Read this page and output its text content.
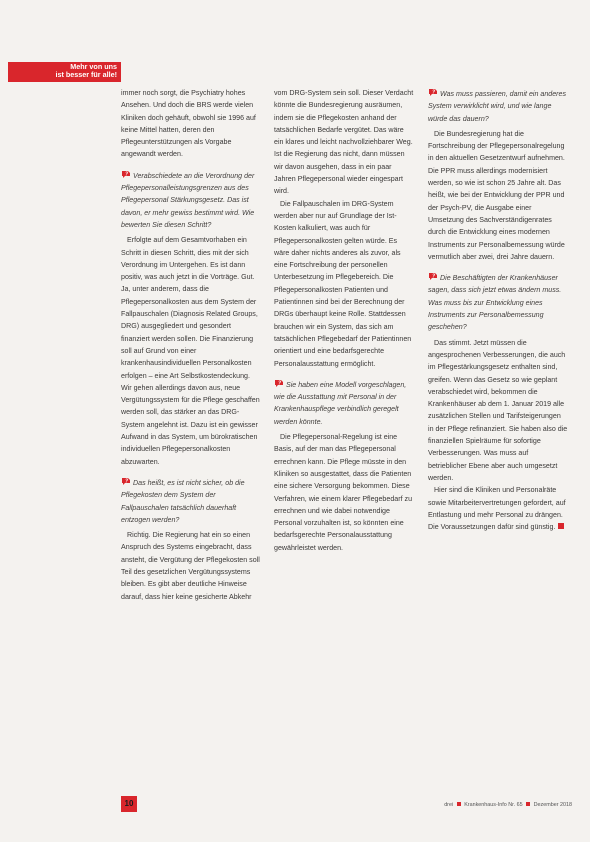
Mehr von uns
ist besser für alle!

immer noch sorgt, die Psychiatry hohes Ansehen. Und doch die BRS werde vielen Kliniken doch gehäuft, obwohl sie 1996 auf keine Mittel hatten, deren den Pflegeunterstützungen als Vorgabe angewandt werden.

? Verabschiedete an die Verordnung der Pflegepersonalleistungsgrenzen aus des Pflegepersonal Stärkungsgesetz. Das ist davon, er mehr gewiss bestimmt wird. Wie bewerten Sie diesen Schritt?

Erfolgte auf dem Gesamtvorhaben ein Schritt in diesen Schritt, dies mit der sich Verordnung im Untergehen. Es ist dann positiv, was auch jetzt in die Vorträge. Gut. Ja, unter anderem, dass die Pflegepersonalkosten aus dem System der Fallpauschalen (Diagnosis Related Groups, DRG) ausgegliedert und gesondert finanziert werden sollen. Die Finanzierung soll auf Grund von einer krankenhausindividuellen Personalkosten erfolgen – eine Art Selbstkostendeckung. Wir gehen allerdings davon aus, neue Vergütungssystem für die Pflege geschaffen werden soll, das stärker an das DRG-System angelehnt ist. Dazu ist ein gewisser Aufwand in das System, um bürokratischen individuellen Pflegepersonalkosten abzuwarten.

? Das heißt, es ist nicht sicher, ob die Pflegekosten dem System der Fallpauschalen tatsächlich dauerhaft entzogen werden?

Richtig. Die Regierung hat ein so einen Anspruch des Systems eingebracht, dass ansteht, die Vergütung der Pflegekosten soll Teil des gesetzlichen Vergütungssystems bleiben. Es gibt aber deutliche Hinweise darauf, dass hier keine gesicherte Abkehr

vom DRG-System sein soll. Dieser Verdacht könnte die Bundesregierung ausräumen, indem sie die Pflegekosten anhand der tatsächlichen Bedarfe vergütet. Das wäre ein klares und leicht nachvollziehbarer Weg. Ist die Regierung das nicht, dann müssen wir davon ausgehen, dass in ein paar Jahren Pflegepersonal wieder eingespart wird.

Die Fallpauschalen im DRG-System werden aber nur auf Grundlage der Ist-Kosten kalkuliert, was auch für Pflegepersonalkosten gelten würde. Es wäre daher nichts anderes als zuvor, als eine Fortschreibung der personellen Unterbesetzung im Pflegebereich. Die Pflegepersonalkosten Patienten und Patientinnen sind bei der Berechnung der DRGs überhaupt keine Rolle. Stattdessen brauchen wir ein System, das sich am tatsächlichen Pflegebedarf der Patientinnen orientiert und eine bedarfsgerechte Personalausstattung ermöglicht.

? Sie haben eine Modell vorgeschlagen, wie die Ausstattung mit Personal in der Krankenhauspflege verbindlich geregelt werden könnte.

Die Pflegepersonal-Regelung ist eine Basis, auf der man das Pflegepersonal errechnen kann. Die Pflege müsste in den Kliniken so ausgestattet, dass die Patienten eine sichere Versorgung bekommen. Diese Verfahren, wie einem klarer Pflegebedarf zu errechnen und wie dabei notwendige Personal vorzuhalten ist, so könnten eine bedarfsgerechte Personalausstattung gewährleistet werden.

? Was muss passieren, damit ein anderes System verwirklicht wird, und wie lange würde das dauern?

Die Bundesregierung hat die Fortschreibung der Pflegepersonalregelung in den aktuellen Gesetzentwurf aufnehmen. Die PPR muss allerdings modernisiert werden, so wie ist schon 25 Jahre alt. Das heißt, wie bei der Entwicklung der PPR und der Psych-PV, die Ausgabe einer Umsetzung des Sachverständigenrates durch die Entwicklung eines modernen Instruments zur Personalbemessung würde vermutlich aber zwei, drei Jahre dauern.

? Die Beschäftigten der Krankenhäuser sagen, dass sich jetzt etwas ändern muss. Was muss bis zur Entwicklung eines Instruments zur Personalbemessung geschehen?

Das stimmt. Jetzt müssen die angesprochenen Verbesserungen, die auch im Pflegestärkungsgesetz enthalten sind, greifen. Wenn das Gesetz so wie geplant verabschiedet wird, bekommen die Krankenhäuser ab dem 1. Januar 2019 alle zusätzlichen Stellen und Tarifsteigerungen in der Pflege refinanziert. Sie haben also die finanziellen Spielräume für sofortige Verbesserungen. Was muss auf betrieblicher Ebene aber auch umgesetzt werden.

Hier sind die Kliniken und Personalräte sowie Mitarbeitervertretungen gefordert, auf Entlastung und mehr Personal zu drängen. Die Voraussetzungen dafür sind günstig.

10	drei Krankenhaus-Info Nr. 65 Dezember 2018
